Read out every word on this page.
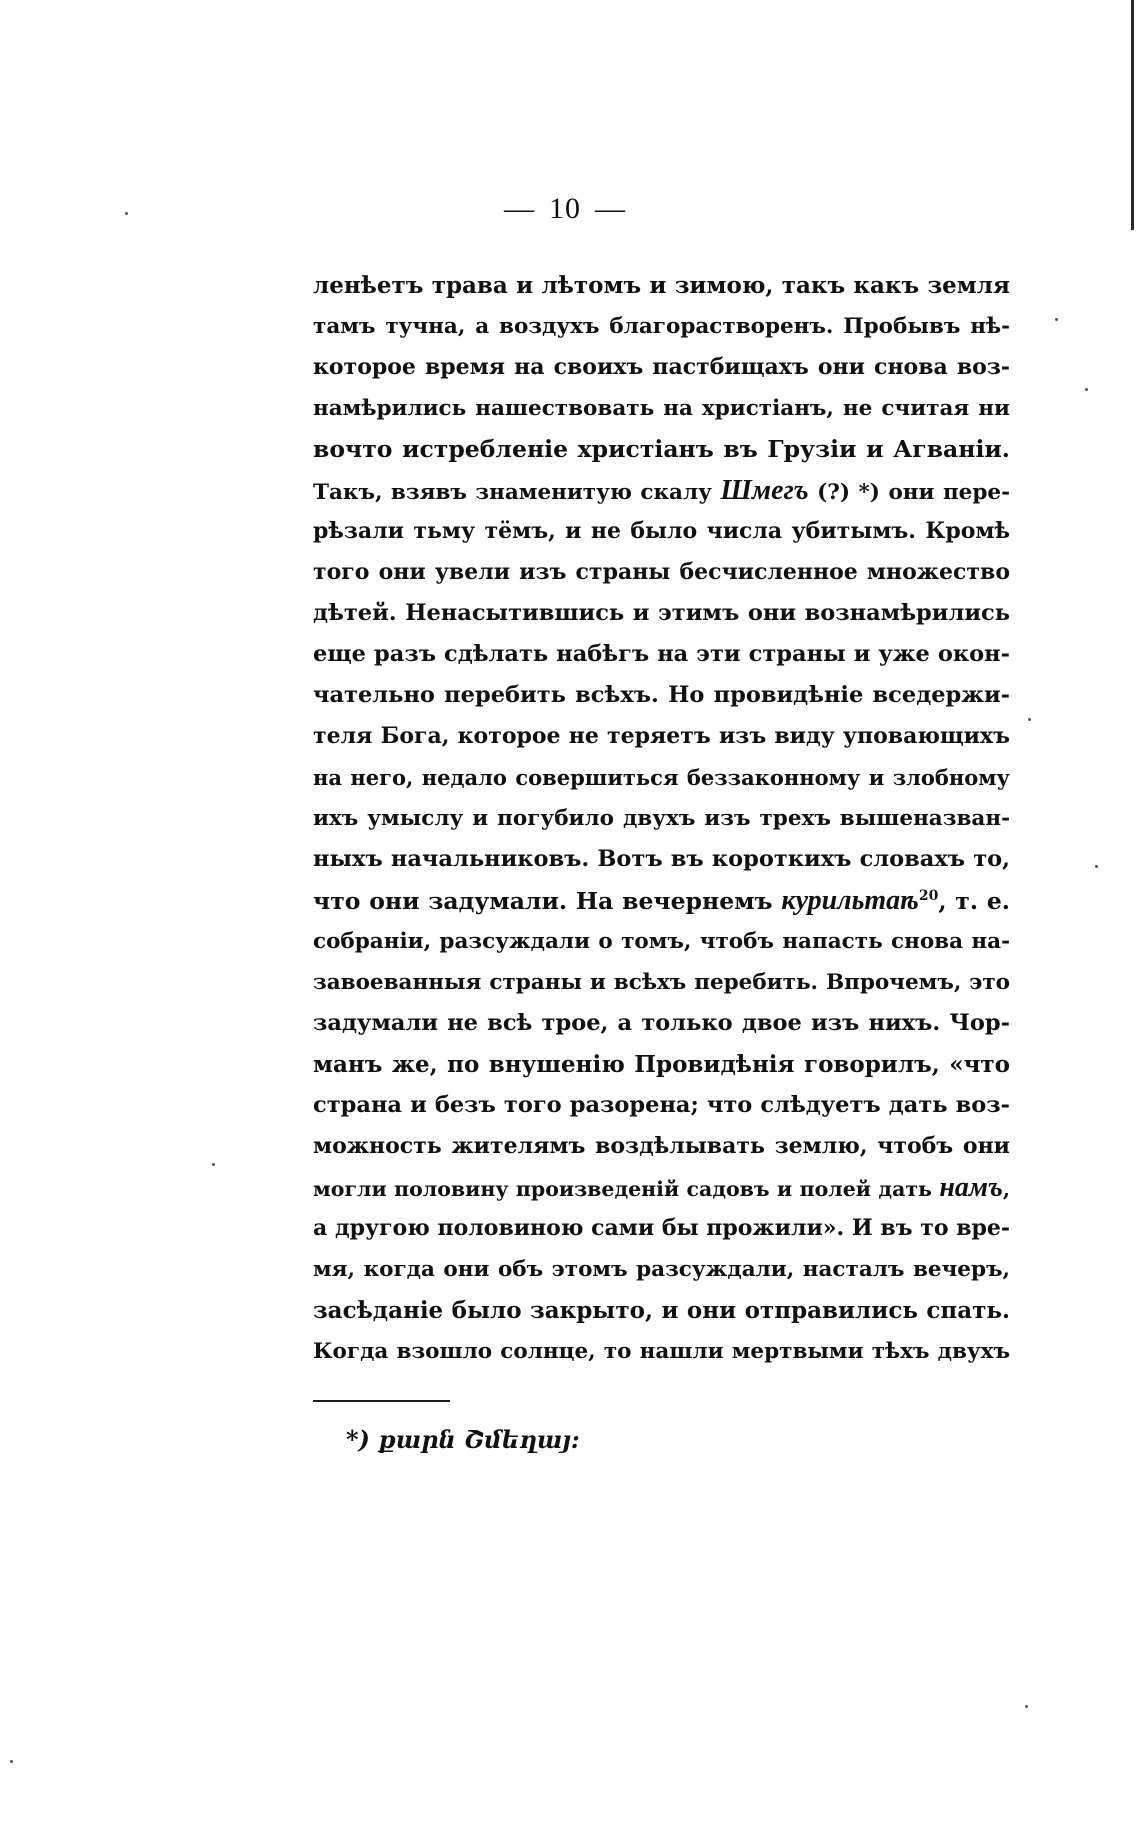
— 10 —
ленѣетъ трава и лѣтомъ и зимою, такъ какъ земля
тамъ тучна, а воздухъ благорастворенъ. Пробывъ нѣ-
которое время на своихъ пастбищахъ они снова воз-
намѣрились нашествовать на христіанъ, не считая ни
вочто истребленіе христіанъ въ Грузіи и Агваніи.
Такъ, взявъ знаменитую скалу Шмегъ (?) *) они пере-
рѣзали тьму тёмъ, и не было числа убитымъ. Кромѣ
того они увели изъ страны бесчисленное множество
дѣтей. Ненасытившись и этимъ они вознамѣрились
еще разъ сдѣлать набѣгъ на эти страны и уже окон-
чательно перебить всѣхъ. Но провидѣніе вседержи-
теля Бога, которое не теряетъ изъ виду уповающихъ
на него, недало совершиться беззаконному и злобному
ихъ умыслу и погубило двухъ изъ трехъ вышеназван-
ныхъ начальниковъ. Вотъ въ короткихъ словахъ то,
что они задумали. На вечернемъ курильтаѣ$^{20}$, т. е.
собраніи, разсуждали о томъ, чтобъ напасть снова на-
завоеванныя страны и всѣхъ перебить. Впрочемъ, это
задумали не всѣ трое, а только двое изъ нихъ. Чор-
манъ же, по внушенію Провидѣнія говорилъ, «что
страна и безъ того разорена; что слѣдуетъ дать воз-
можность жителямъ воздѣлывать землю, чтобъ они
могли половину произведеній садовъ и полей дать намъ,
а другою половиною сами бы прожили». И въ то вре-
мя, когда они объ этомъ разсуждали, насталъ вечеръ,
засѣданіе было закрыто, и они отправились спать.
Когда взошло солнце, то нашли мертвыми тѣхъ двухъ
*) քարն Շմեղայ:
